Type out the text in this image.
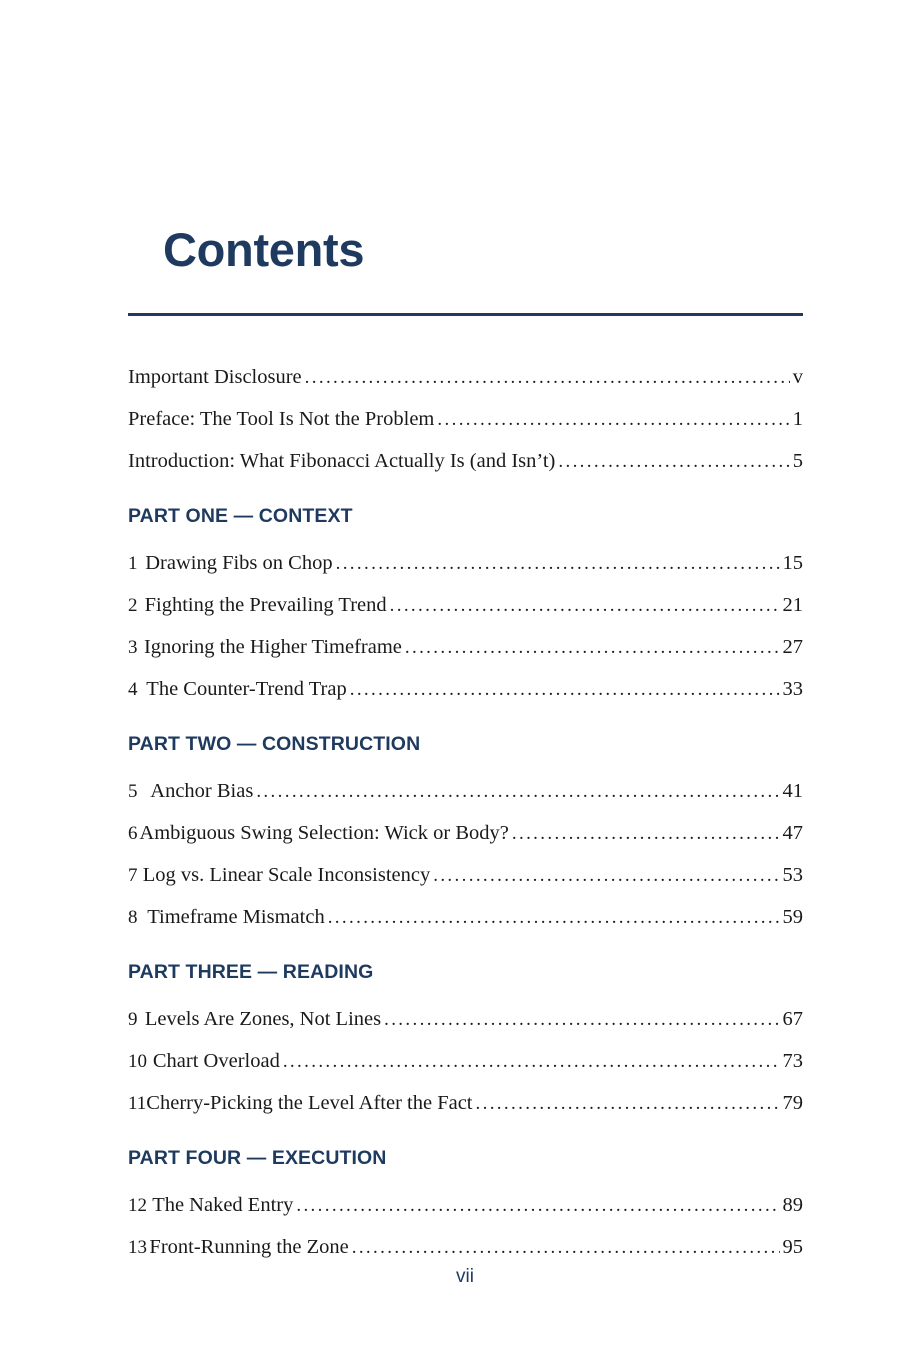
Contents
Important Disclosure . . .	v
Preface: The Tool Is Not the Problem . . .	1
Introduction: What Fibonacci Actually Is (and Isn’t) . . .	5
PART ONE — CONTEXT
1 Drawing Fibs on Chop . . .	15
2 Fighting the Prevailing Trend . . .	21
3 Ignoring the Higher Timeframe . . .	27
4 The Counter-Trend Trap . . .	33
PART TWO — CONSTRUCTION
5 Anchor Bias . . .	41
6 Ambiguous Swing Selection: Wick or Body? . . .	47
7 Log vs. Linear Scale Inconsistency . . .	53
8 Timeframe Mismatch . . .	59
PART THREE — READING
9 Levels Are Zones, Not Lines . . .	67
10 Chart Overload . . .	73
11 Cherry-Picking the Level After the Fact . . .	79
PART FOUR — EXECUTION
12 The Naked Entry . . .	89
13 Front-Running the Zone . . .	95
vii
